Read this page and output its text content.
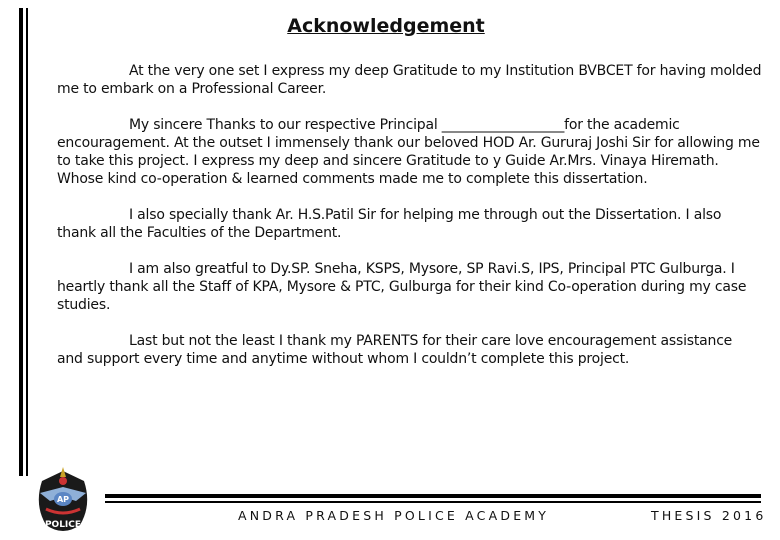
Acknowledgement

At the very one set I express my deep Gratitude to my Institution BVBCET for having molded me to embark on a Professional Career.

My sincere Thanks to our respective Principal __________________for the academic encouragement. At the outset I immensely thank our beloved HOD Ar. Gururaj Joshi Sir for allowing me to take this project. I express my deep and sincere Gratitude to y Guide Ar.Mrs. Vinaya Hiremath. Whose kind co-operation & learned comments made me to complete this dissertation.

I also specially thank Ar. H.S.Patil Sir for helping me through out the Dissertation. I also thank all the Faculties of the Department.

I am also greatful to Dy.SP. Sneha, KSPS, Mysore, SP Ravi.S, IPS, Principal PTC Gulburga. I heartly thank all the Staff of KPA, Mysore & PTC, Gulburga for their kind Co-operation during my case studies.

Last but not the least I thank my PARENTS for their care love encouragement assistance and support every time and anytime without whom I couldn’t complete this project.

AP
POLICE
ANDRA PRADESH POLICE ACADEMY	THESIS 2016
